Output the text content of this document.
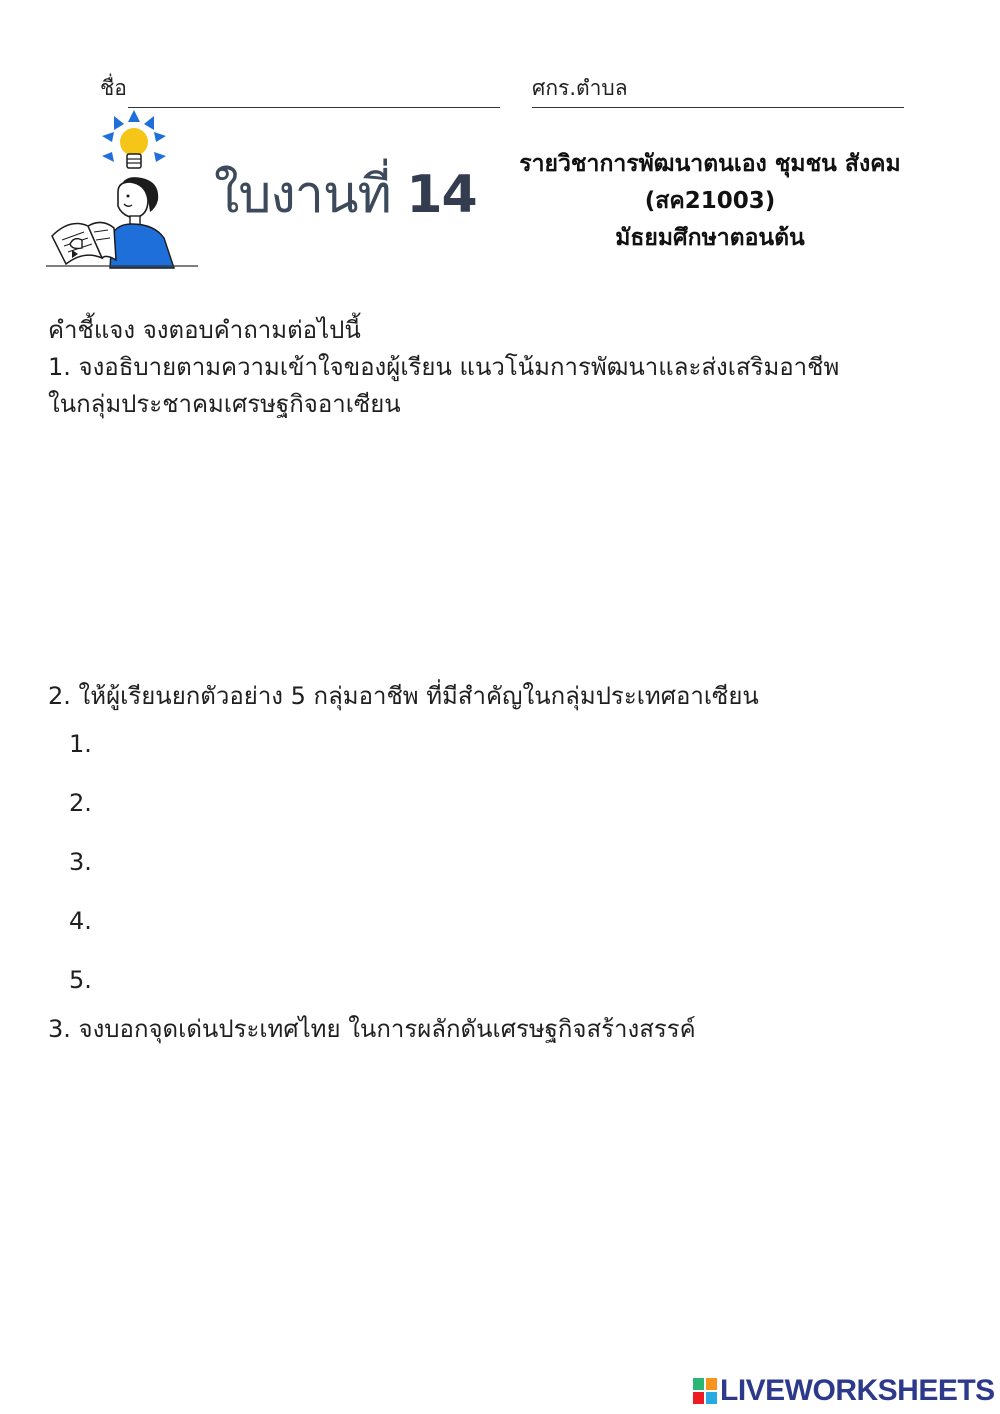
ชื่อ	ศกร.ตำบล
ใบงานที่ 14
รายวิชาการพัฒนาตนเอง ชุมชน สังคม
(สค21003)
มัธยมศึกษาตอนต้น
คำชี้แจง จงตอบคำถามต่อไปนี้
1. จงอธิบายตามความเข้าใจของผู้เรียน แนวโน้มการพัฒนาและส่งเสริมอาชีพ
ในกลุ่มประชาคมเศรษฐกิจอาเซียน
2. ให้ผู้เรียนยกตัวอย่าง 5 กลุ่มอาชีพ ที่มีสำคัญในกลุ่มประเทศอาเซียน
1.
2.
3.
4.
5.
3. จงบอกจุดเด่นประเทศไทย ในการผลักดันเศรษฐกิจสร้างสรรค์
LIVEWORKSHEETS
